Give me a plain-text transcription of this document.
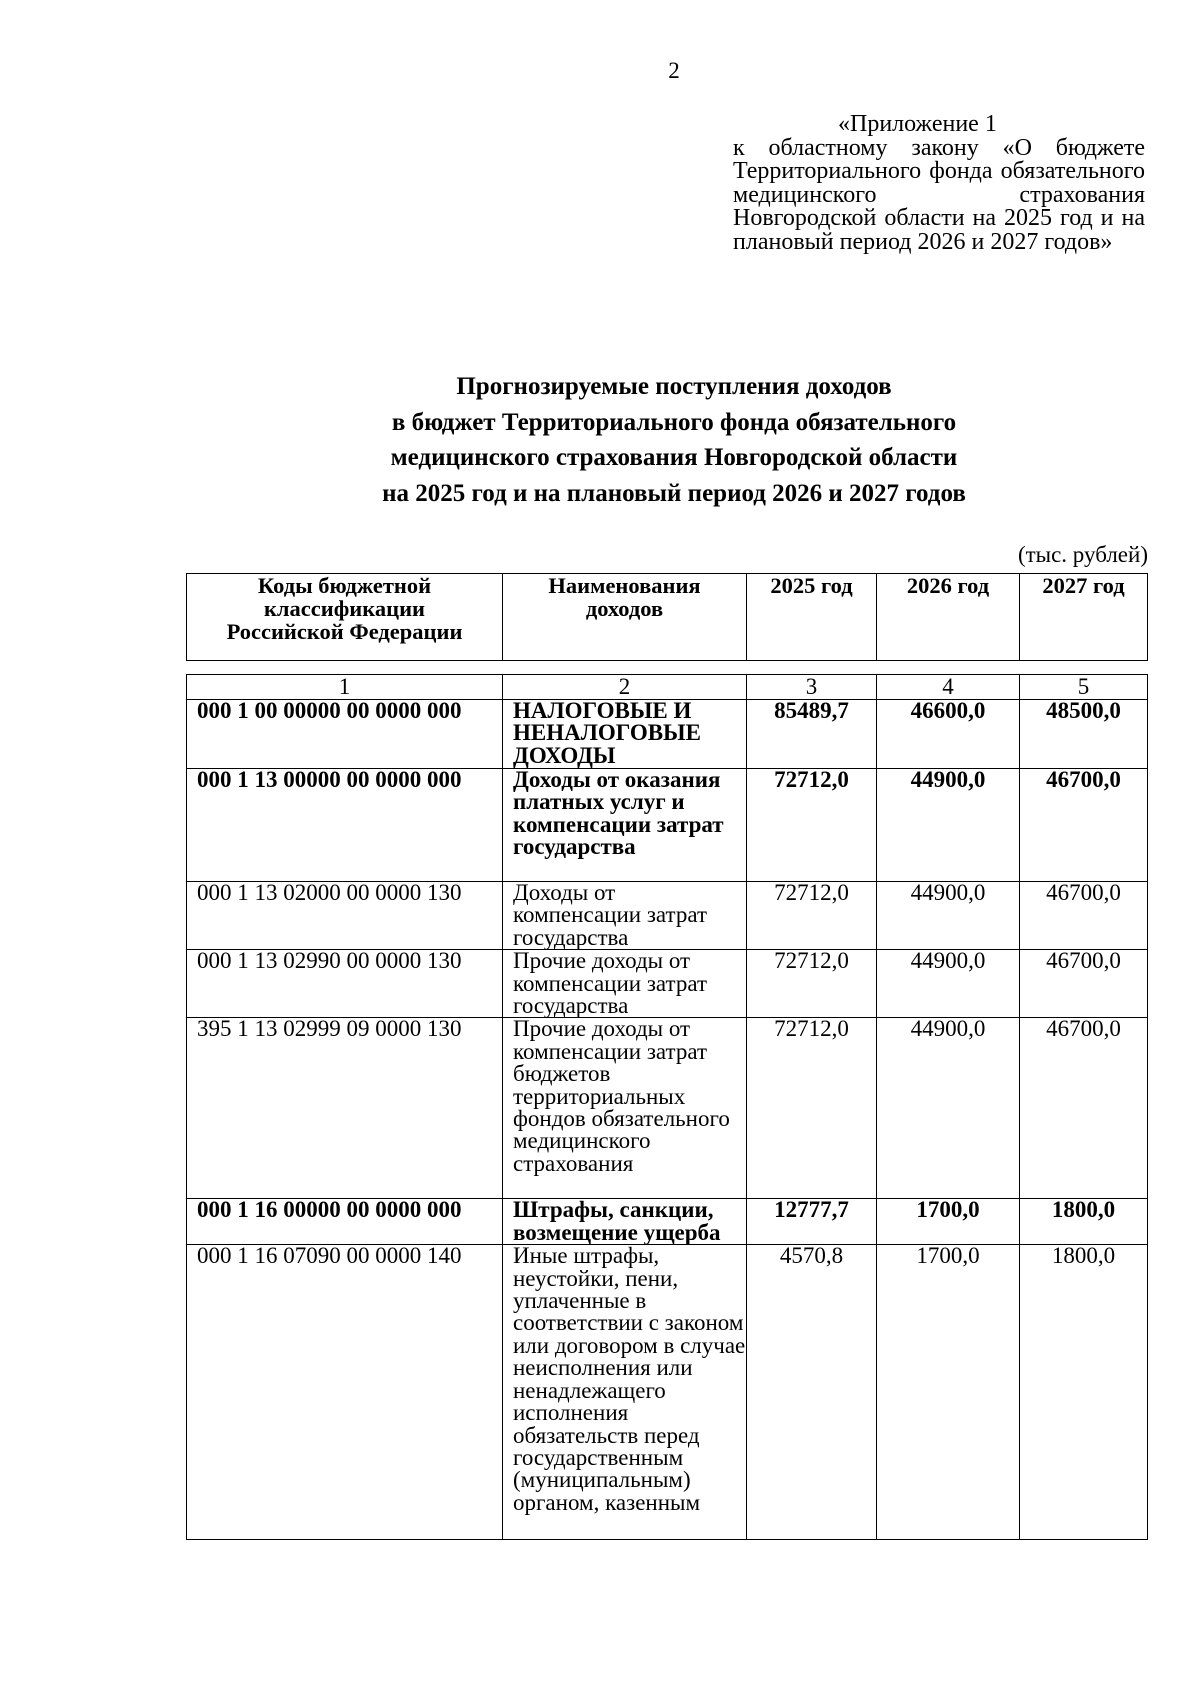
2
«Приложение 1
к областному закону «О бюджете Территориального фонда обязательного медицинского страхования Новгородской области на 2025 год и на плановый период 2026 и 2027 годов»
Прогнозируемые поступления доходов
в бюджет Территориального фонда обязательного
медицинского страхования Новгородской области
на 2025 год и на плановый период 2026 и 2027 годов
(тыс. рублей)
Коды бюджетной классификации Российской Федерации	Наименования доходов	2025 год	2026 год	2027 год
1	2	3	4	5
000 1 00 00000 00 0000 000	НАЛОГОВЫЕ И НЕНАЛОГОВЫЕ ДОХОДЫ	85489,7	46600,0	48500,0
000 1 13 00000 00 0000 000	Доходы от оказания платных услуг и компенсации затрат государства	72712,0	44900,0	46700,0
000 1 13 02000 00 0000 130	Доходы от компенсации затрат государства	72712,0	44900,0	46700,0
000 1 13 02990 00 0000 130	Прочие доходы от компенсации затрат государства	72712,0	44900,0	46700,0
395 1 13 02999 09 0000 130	Прочие доходы от компенсации затрат бюджетов территориальных фондов обязательного медицинского страхования	72712,0	44900,0	46700,0
000 1 16 00000 00 0000 000	Штрафы, санкции, возмещение ущерба	12777,7	1700,0	1800,0
000 1 16 07090 00 0000 140	Иные штрафы, неустойки, пени, уплаченные в соответствии с законом или договором в случае неисполнения или ненадлежащего исполнения обязательств перед государственным (муниципальным) органом, казенным	4570,8	1700,0	1800,0
